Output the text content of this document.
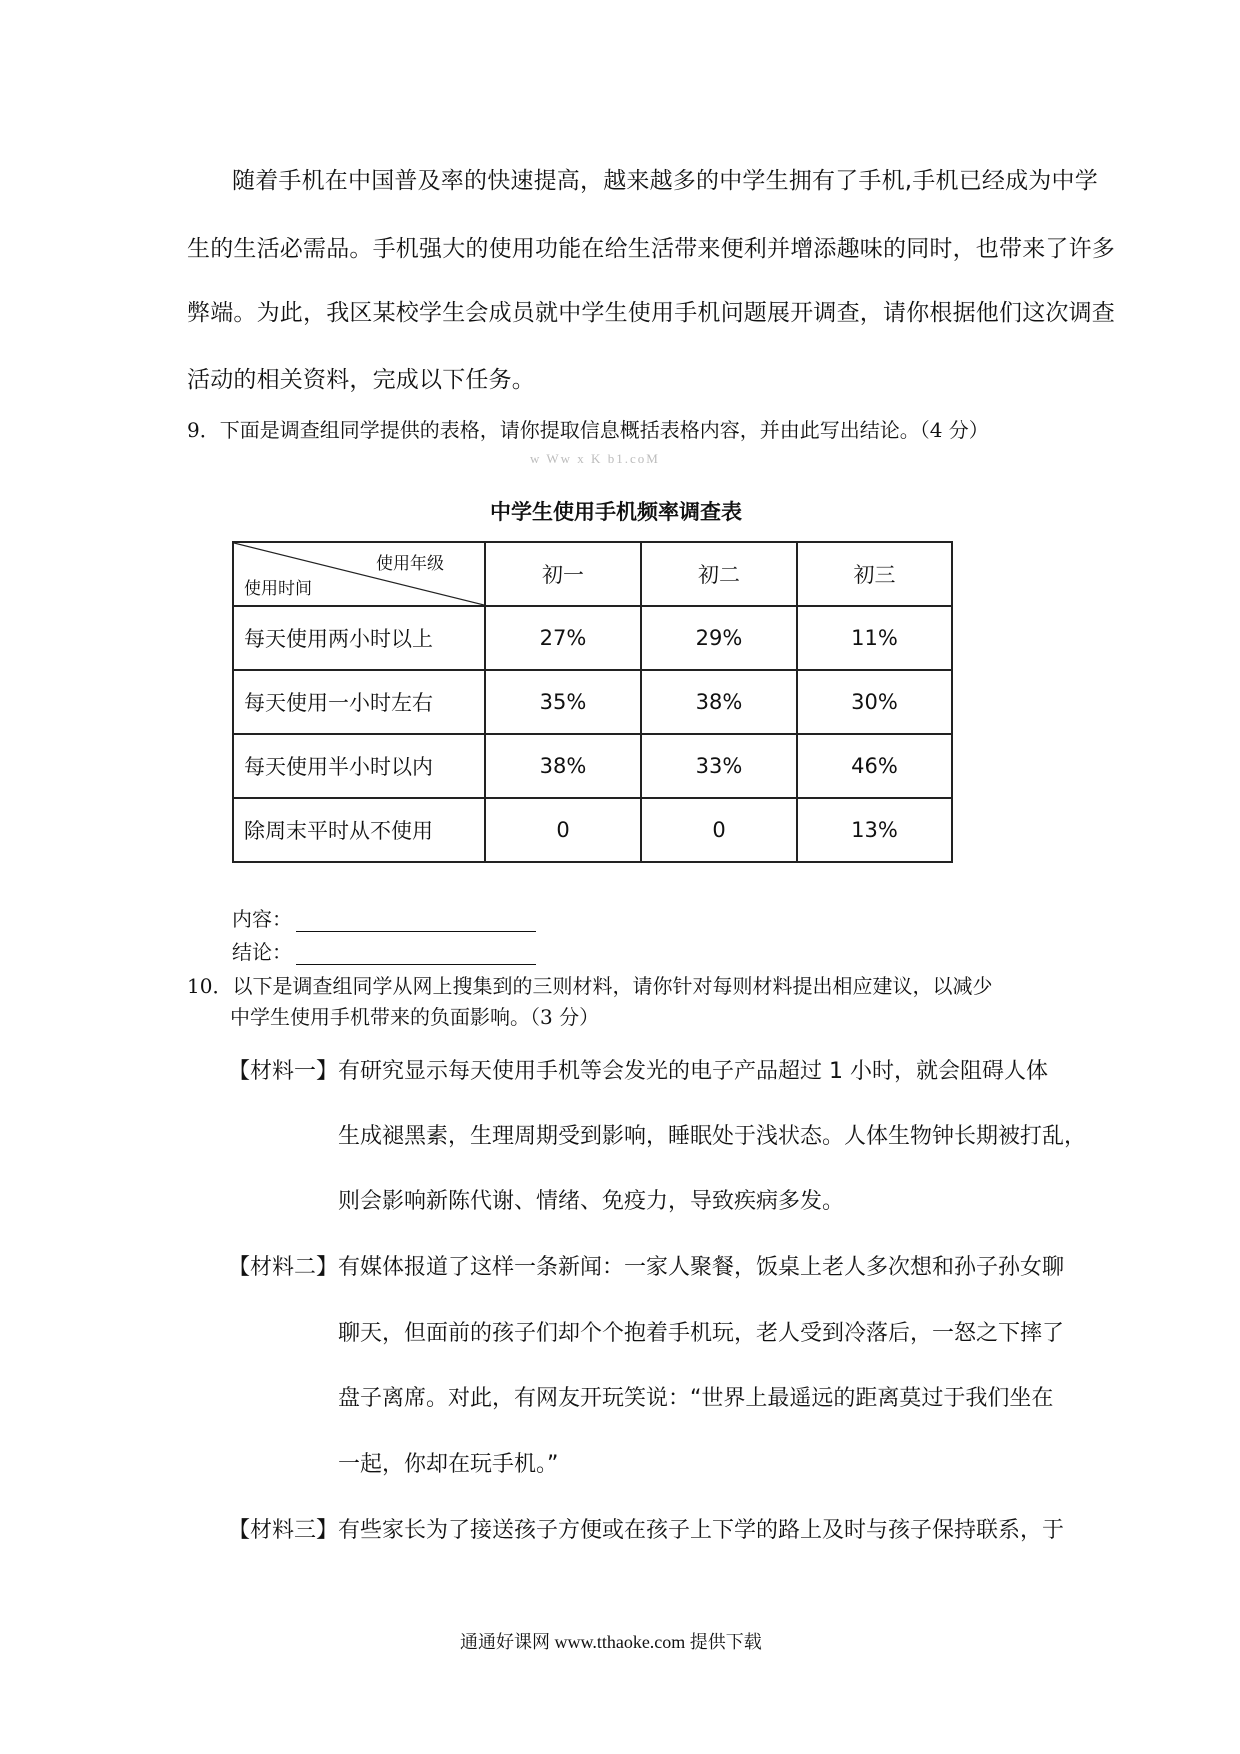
随着手机在中国普及率的快速提高，越来越多的中学生拥有了手机,手机已经成为中学
生的生活必需品。手机强大的使用功能在给生活带来便利并增添趣味的同时，也带来了许多
弊端。为此，我区某校学生会成员就中学生使用手机问题展开调查，请你根据他们这次调查
活动的相关资料，完成以下任务。
9．下面是调查组同学提供的表格，请你提取信息概括表格内容，并由此写出结论。（4 分）
w Ww x K b1.coM
中学生使用手机频率调查表
使用年级
使用时间	初一	初二	初三
每天使用两小时以上	27%	29%	11%
每天使用一小时左右	35%	38%	30%
每天使用半小时以内	38%	33%	46%
除周末平时从不使用	0	0	13%
内容：
结论：
10．以下是调查组同学从网上搜集到的三则材料，请你针对每则材料提出相应建议，以减少
中学生使用手机带来的负面影响。（3 分）
【材料一】 有研究显示每天使用手机等会发光的电子产品超过 1 小时，就会阻碍人体
生成褪黑素，生理周期受到影响，睡眠处于浅状态。人体生物钟长期被打乱，
则会影响新陈代谢、情绪、免疫力，导致疾病多发。
【材料二】 有媒体报道了这样一条新闻：一家人聚餐，饭桌上老人多次想和孙子孙女聊
聊天，但面前的孩子们却个个抱着手机玩，老人受到冷落后，一怒之下摔了
盘子离席。对此，有网友开玩笑说：“世界上最遥远的距离莫过于我们坐在
一起，你却在玩手机。”
【材料三】 有些家长为了接送孩子方便或在孩子上下学的路上及时与孩子保持联系，于
通通好课网 www.tthaoke.com 提供下载
